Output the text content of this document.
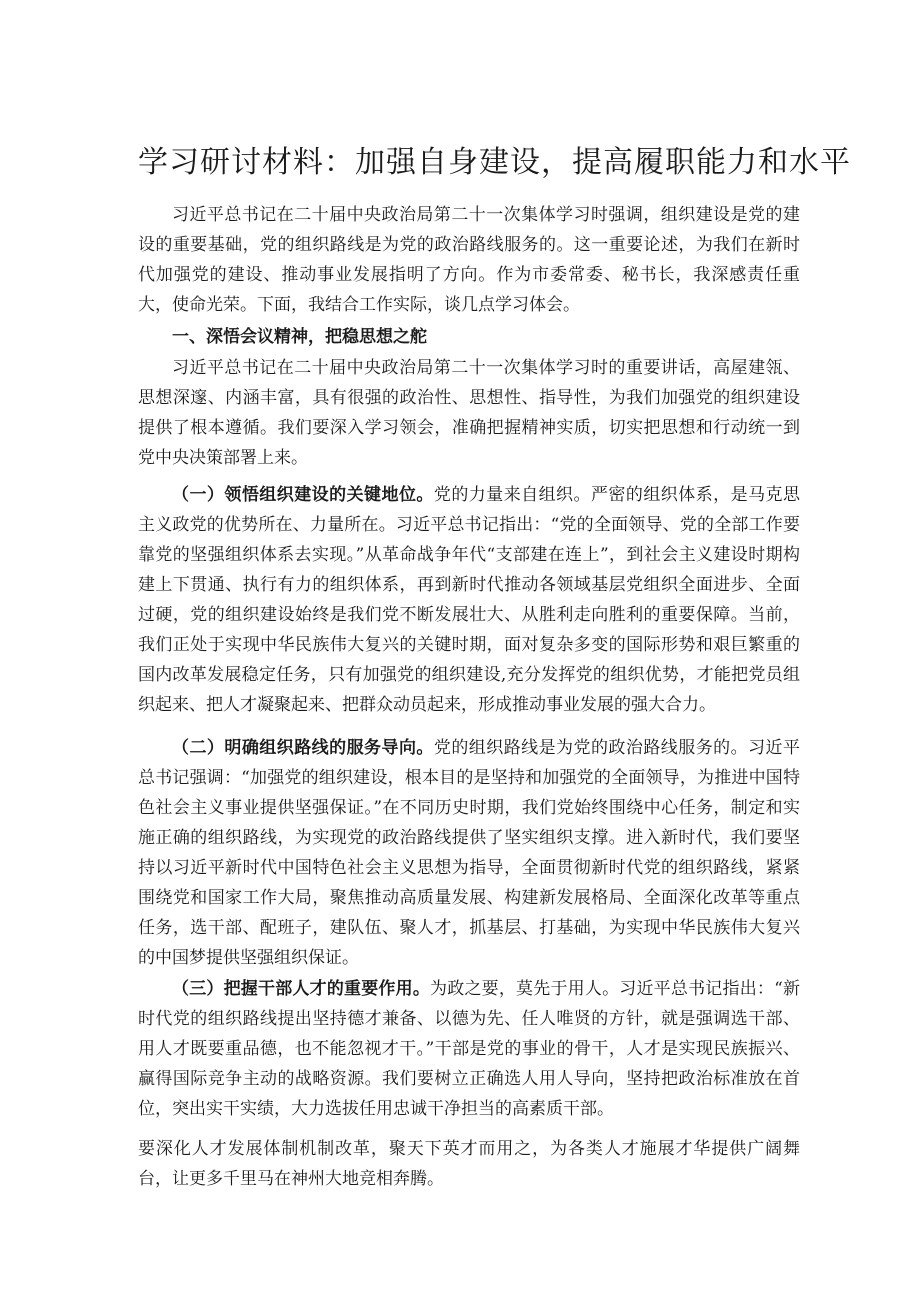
学习研讨材料：加强自身建设，提高履职能力和水平

习近平总书记在二十届中央政治局第二十一次集体学习时强调，组织建设是党的建设的重要基础，党的组织路线是为党的政治路线服务的。这一重要论述，为我们在新时代加强党的建设、推动事业发展指明了方向。作为市委常委、秘书长，我深感责任重大，使命光荣。下面，我结合工作实际，谈几点学习体会。

一、深悟会议精神，把稳思想之舵

习近平总书记在二十届中央政治局第二十一次集体学习时的重要讲话，高屋建瓴、思想深邃、内涵丰富，具有很强的政治性、思想性、指导性，为我们加强党的组织建设提供了根本遵循。我们要深入学习领会，准确把握精神实质，切实把思想和行动统一到党中央决策部署上来。

（一）领悟组织建设的关键地位。党的力量来自组织。严密的组织体系，是马克思主义政党的优势所在、力量所在。习近平总书记指出：“党的全面领导、党的全部工作要靠党的坚强组织体系去实现。”从革命战争年代“支部建在连上”，到社会主义建设时期构建上下贯通、执行有力的组织体系，再到新时代推动各领域基层党组织全面进步、全面过硬，党的组织建设始终是我们党不断发展壮大、从胜利走向胜利的重要保障。当前，我们正处于实现中华民族伟大复兴的关键时期，面对复杂多变的国际形势和艰巨繁重的国内改革发展稳定任务，只有加强党的组织建设,充分发挥党的组织优势，才能把党员组织起来、把人才凝聚起来、把群众动员起来，形成推动事业发展的强大合力。

（二）明确组织路线的服务导向。党的组织路线是为党的政治路线服务的。习近平总书记强调：“加强党的组织建设，根本目的是坚持和加强党的全面领导，为推进中国特色社会主义事业提供坚强保证。”在不同历史时期，我们党始终围绕中心任务，制定和实施正确的组织路线，为实现党的政治路线提供了坚实组织支撑。进入新时代，我们要坚持以习近平新时代中国特色社会主义思想为指导，全面贯彻新时代党的组织路线，紧紧围绕党和国家工作大局，聚焦推动高质量发展、构建新发展格局、全面深化改革等重点任务，选干部、配班子，建队伍、聚人才，抓基层、打基础，为实现中华民族伟大复兴的中国梦提供坚强组织保证。

（三）把握干部人才的重要作用。为政之要，莫先于用人。习近平总书记指出：“新时代党的组织路线提出坚持德才兼备、以德为先、任人唯贤的方针，就是强调选干部、用人才既要重品德，也不能忽视才干。”干部是党的事业的骨干，人才是实现民族振兴、赢得国际竞争主动的战略资源。我们要树立正确选人用人导向，坚持把政治标准放在首位，突出实干实绩，大力选拔任用忠诚干净担当的高素质干部。

要深化人才发展体制机制改革，聚天下英才而用之，为各类人才施展才华提供广阔舞台，让更多千里马在神州大地竞相奔腾。
